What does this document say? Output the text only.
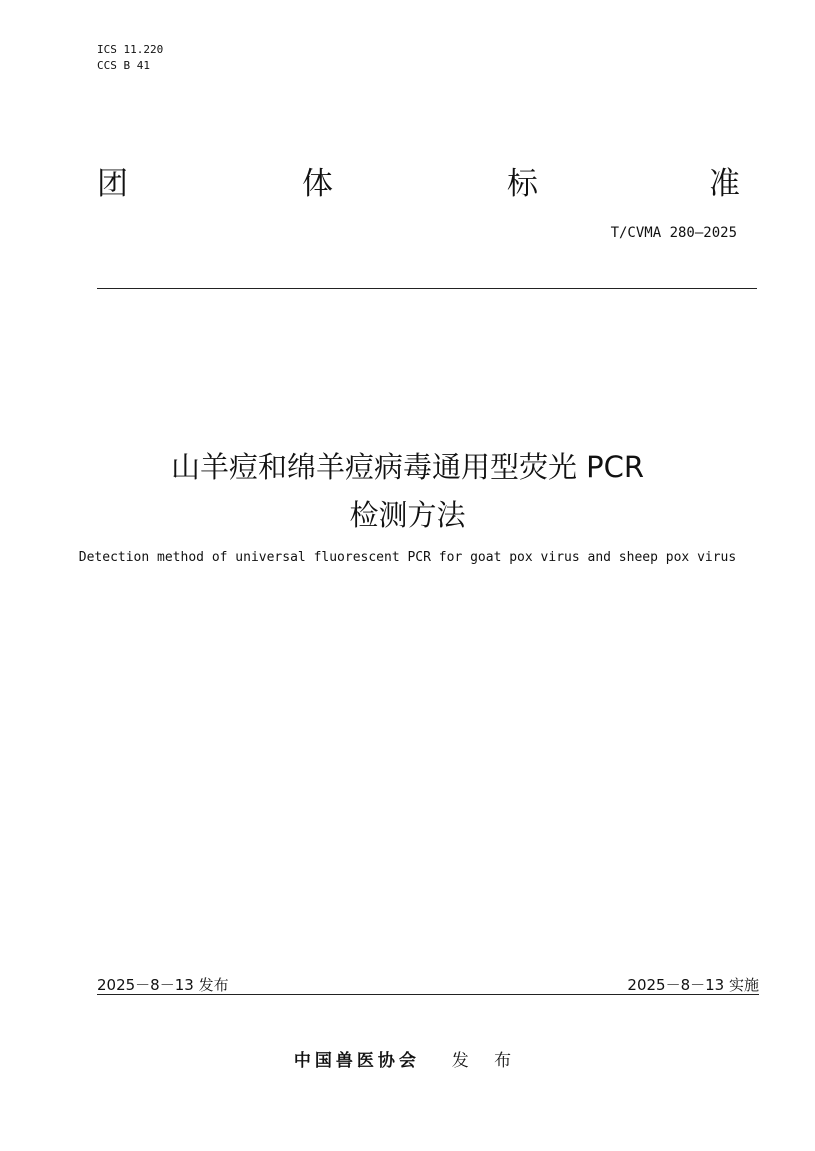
ICS 11.220
CCS B 41
团	体	标	准
T/CVMA 280—2025
山羊痘和绵羊痘病毒通用型荧光 PCR
检测方法
Detection method of universal fluorescent PCR for goat pox virus and sheep pox virus
2025－8－13 发布	2025－8－13 实施
中国兽医协会 发 布
